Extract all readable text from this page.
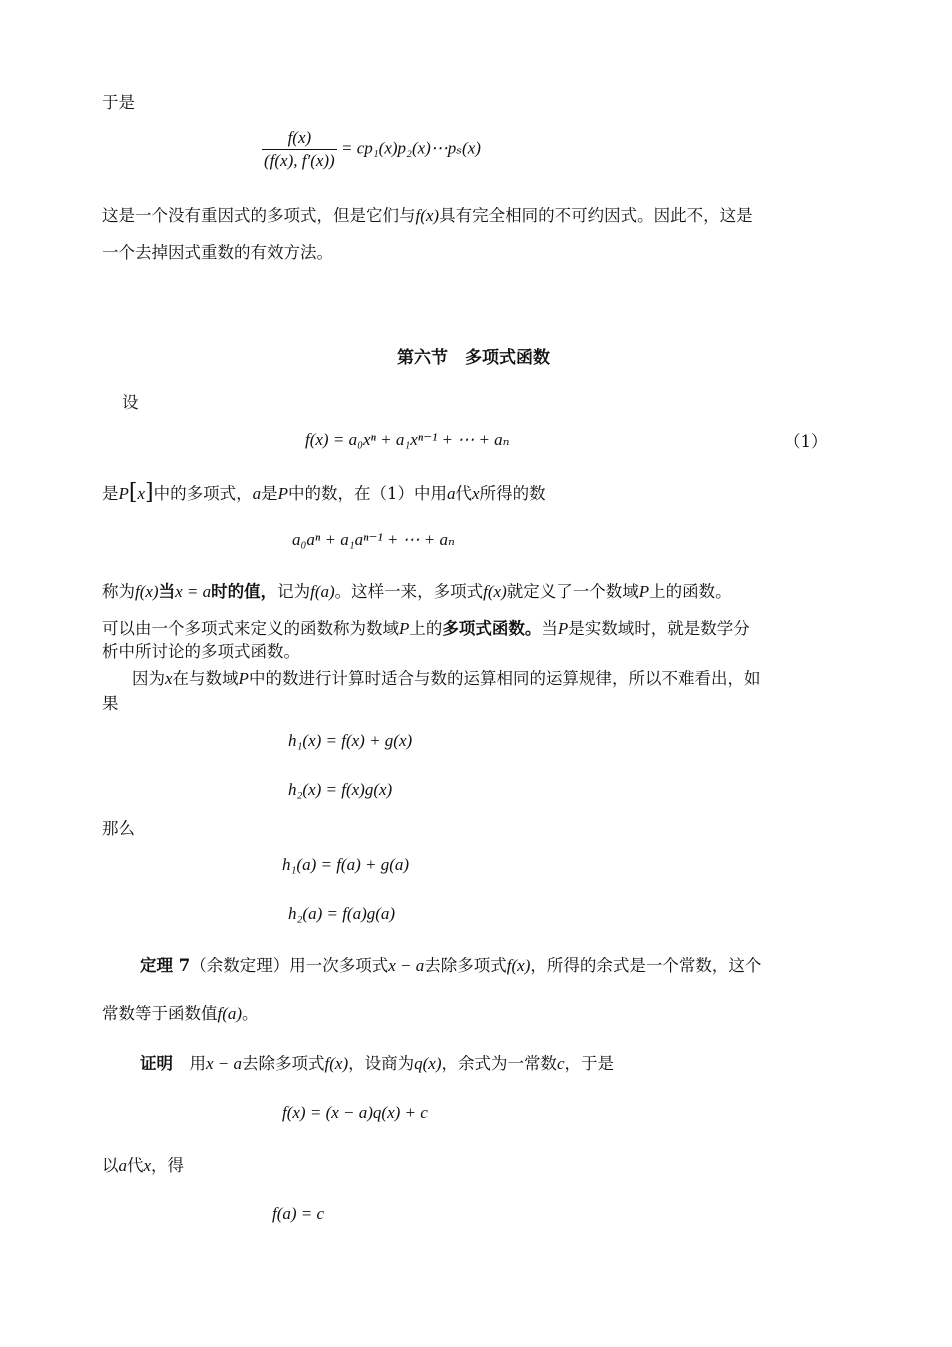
于是
$\frac{f(x)}{(f(x), f'(x))}$ = cp₁(x)p₂(x)⋯pₛ(x)
这是一个没有重因式的多项式，但是它们与f(x)具有完全相同的不可约因式。因此不，这是
一个去掉因式重数的有效方法。
第六节　多项式函数
设
f(x) = a₀xⁿ + a₁xⁿ⁻¹ + ⋯ + aₙ	（1）
是P[x]中的多项式，a是P中的数，在（1）中用a代x所得的数
a₀aⁿ + a₁aⁿ⁻¹ + ⋯ + aₙ
称为f(x)当x = a时的值，记为f(a)。这样一来，多项式f(x)就定义了一个数域P上的函数。
可以由一个多项式来定义的函数称为数域P上的多项式函数。当P是实数域时，就是数学分
析中所讨论的多项式函数。
因为x在与数域P中的数进行计算时适合与数的运算相同的运算规律，所以不难看出，如
果
h₁(x) = f(x) + g(x)
h₂(x) = f(x)g(x)
那么
h₁(a) = f(a) + g(a)
h₂(a) = f(a)g(a)
定理 7（余数定理）用一次多项式x − a去除多项式f(x)，所得的余式是一个常数，这个
常数等于函数值f(a)。
证明　 用x − a去除多项式f(x)，设商为q(x)，余式为一常数c，于是
f(x) = (x − a)q(x) + c
以a代x，得
f(a) = c
